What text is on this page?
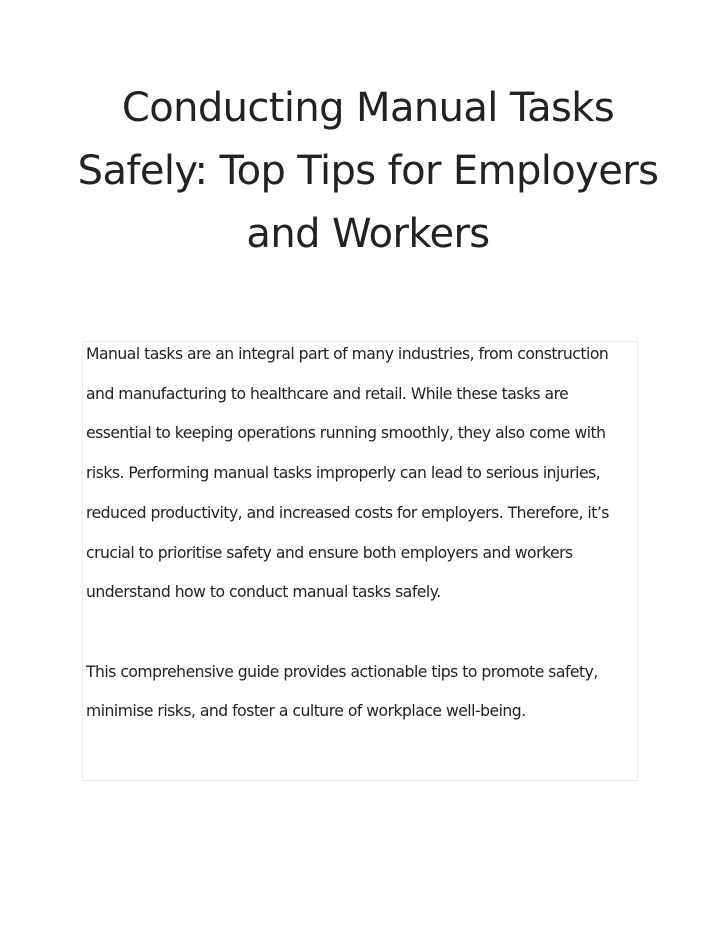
Conducting Manual Tasks Safely: Top Tips for Employers and Workers

Manual tasks are an integral part of many industries, from construction and manufacturing to healthcare and retail. While these tasks are essential to keeping operations running smoothly, they also come with risks. Performing manual tasks improperly can lead to serious injuries, reduced productivity, and increased costs for employers. Therefore, it’s crucial to prioritise safety and ensure both employers and workers understand how to conduct manual tasks safely.

This comprehensive guide provides actionable tips to promote safety, minimise risks, and foster a culture of workplace well-being.
